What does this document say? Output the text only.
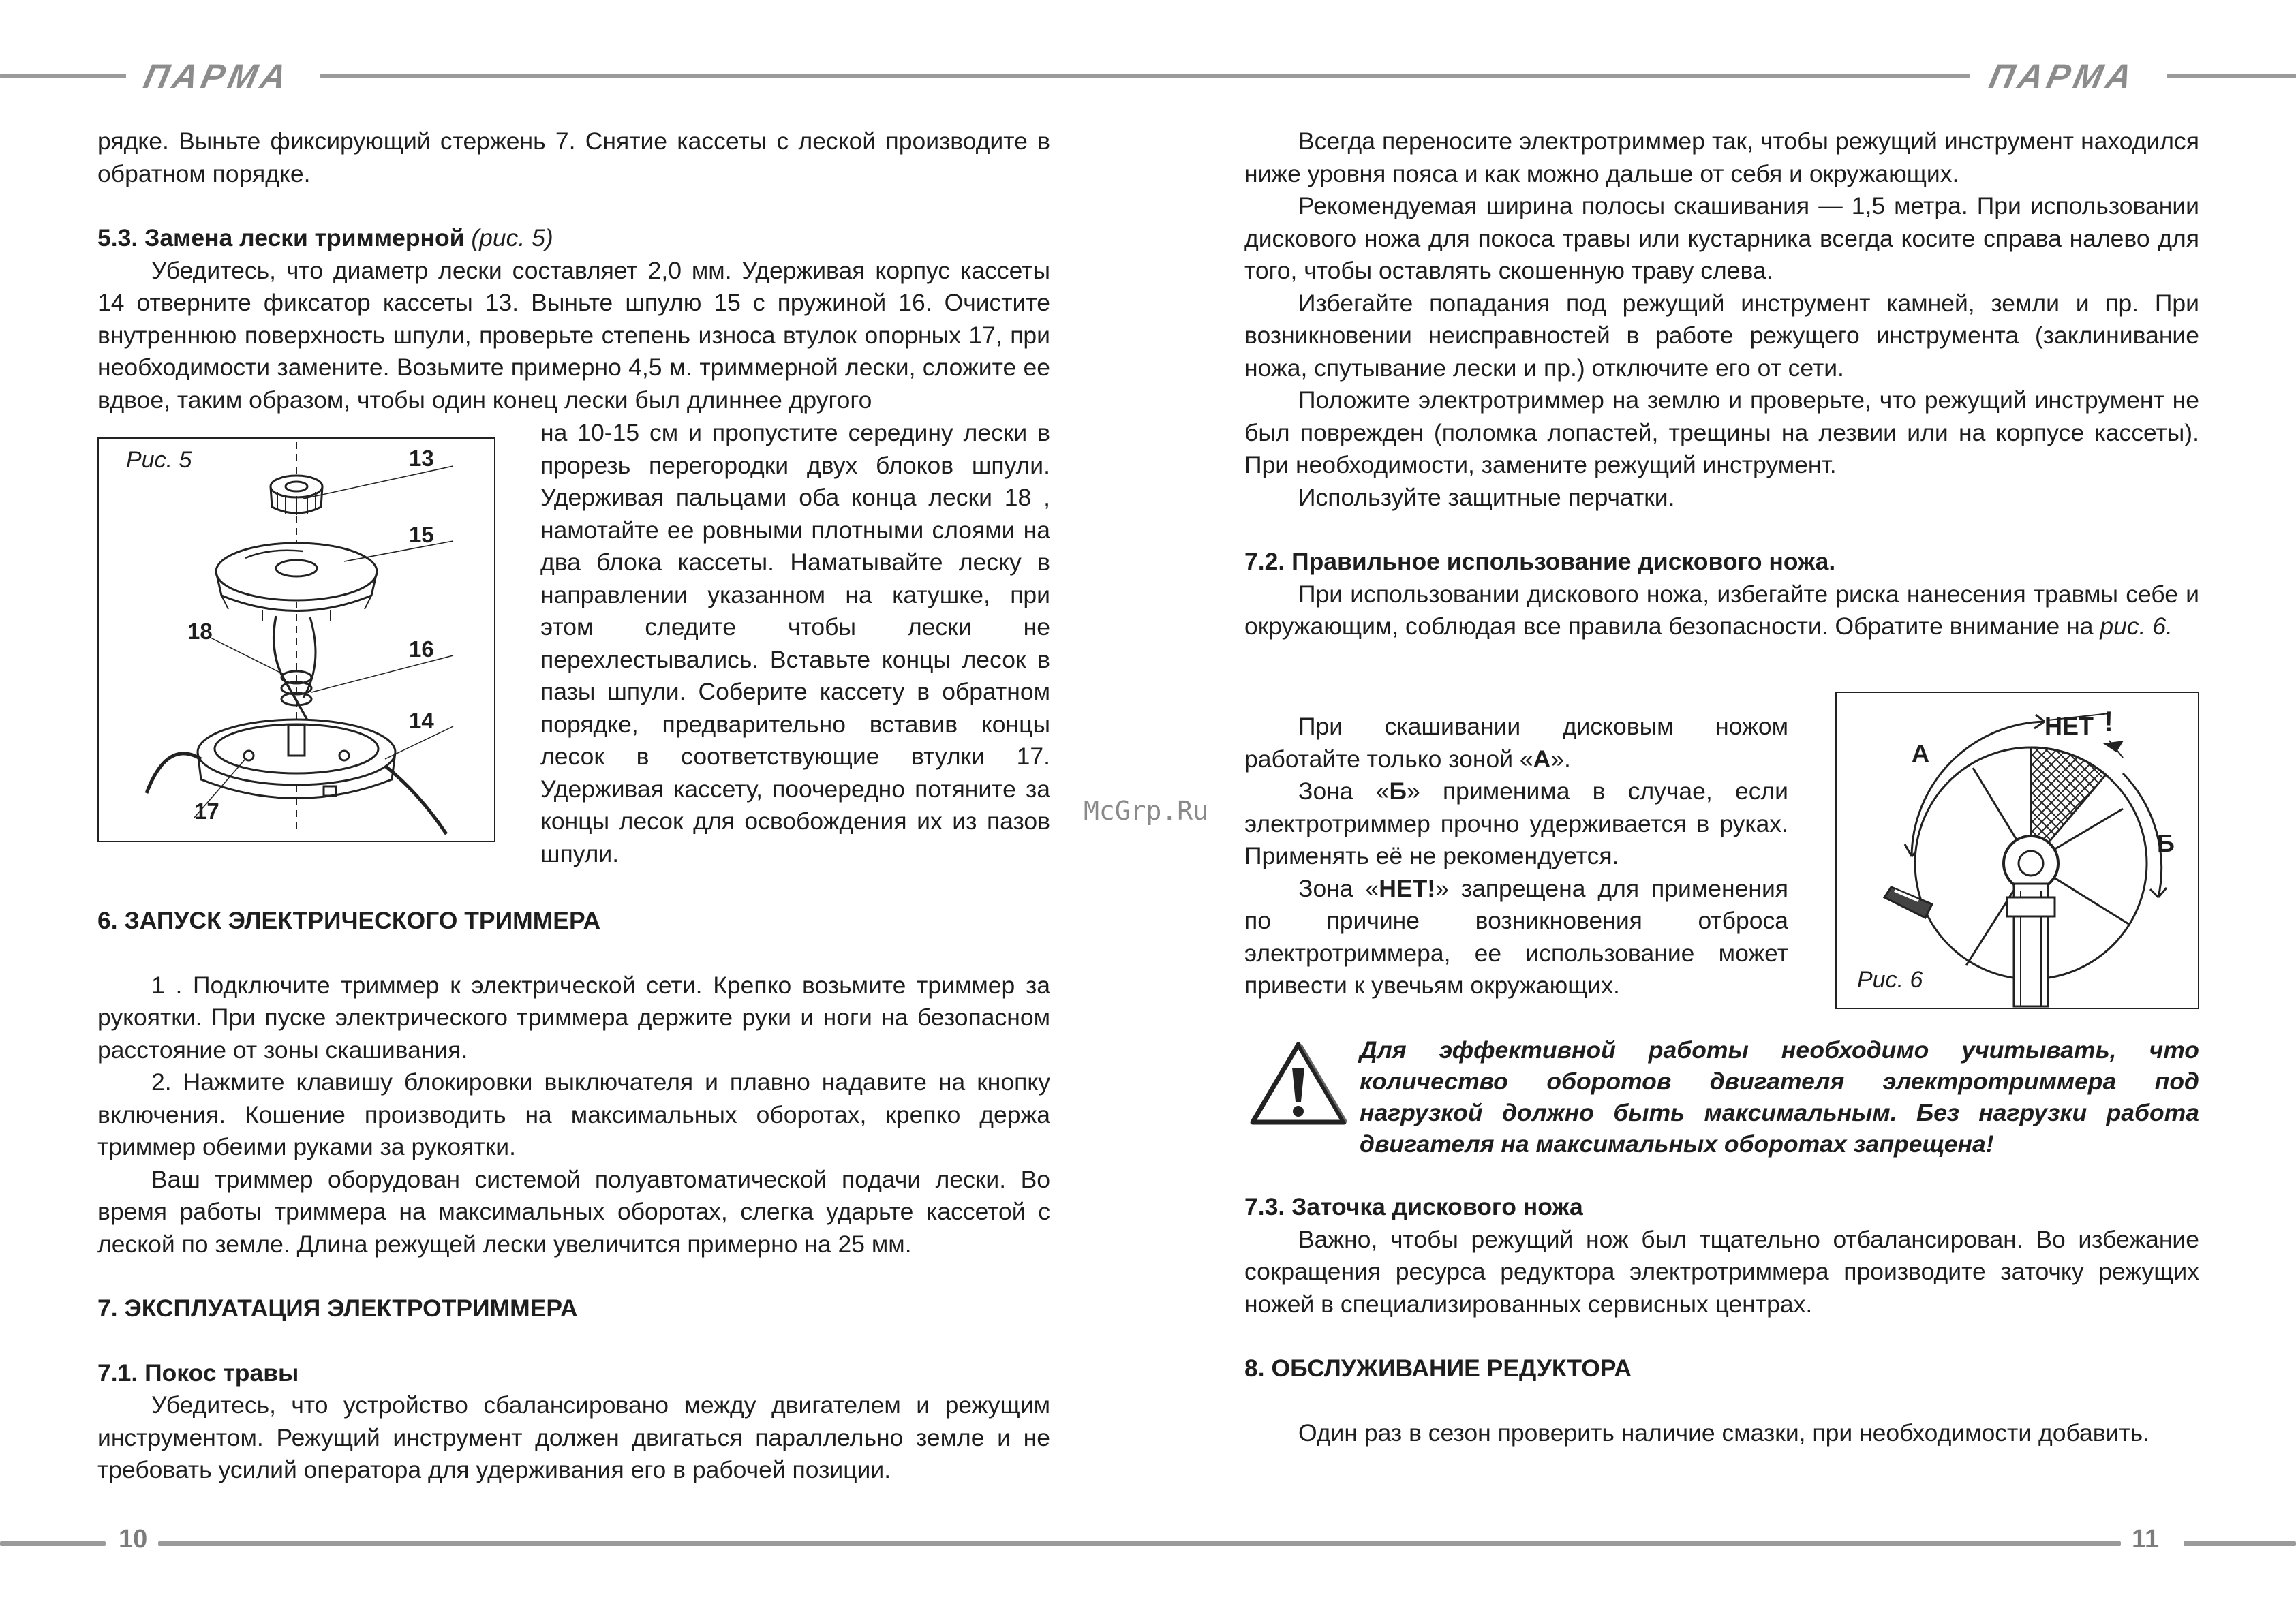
ПАРМА	ПАРМА
10	11
McGrp.Ru

рядке. Выньте фиксирующий стержень 7. Снятие кассеты с леской производите в обратном порядке.

5.3. Замена лески триммерной (рис. 5)

Убедитесь, что диаметр лески составляет 2,0 мм. Удерживая корпус кассеты 14 отверните фиксатор кассеты 13. Выньте шпулю 15 с пружиной 16. Очистите внутреннюю поверхность шпули, проверьте степень износа втулок опорных 17, при необходимости замените. Возьмите примерно 4,5 м. триммерной лески, сложите ее вдвое, таким образом, чтобы один конец лески был длиннее другого

Рис. 5	13
15
18
16
14
17

на 10-15 см и пропустите середину лески в прорезь перегородки двух блоков шпули. Удерживая пальцами оба конца лески 18 , намотайте ее ровными плотными слоями на два блока кассеты. Наматывайте леску в направлении указанном на катушке, при этом следите чтобы лески не перехлестывались. Вставьте концы лесок в пазы шпули. Соберите кассету в обратном порядке, предварительно вставив концы лесок в соответствующие втулки 17. Удерживая кассету, поочередно потяните за концы лесок для освобождения их из пазов шпули.

6. ЗАПУСК ЭЛЕКТРИЧЕСКОГО ТРИММЕРА

1 . Подключите триммер к электрической сети. Крепко возьмите триммер за рукоятки. При пуске электрического триммера держите руки и ноги на безопасном расстояние от зоны скашивания.

2. Нажмите клавишу блокировки выключателя и плавно надавите на кнопку включения. Кошение производить на максимальных оборотах, крепко держа триммер обеими руками за рукоятки.

Ваш триммер оборудован системой полуавтоматической подачи лески. Во время работы триммера на максимальных оборотах, слегка ударьте кассетой с леской по земле. Длина режущей лески увеличится примерно на 25 мм.

7. ЭКСПЛУАТАЦИЯ ЭЛЕКТРОТРИММЕРА
7.1. Покос травы

Убедитесь, что устройство сбалансировано между двигателем и режущим инструментом. Режущий инструмент должен двигаться параллельно земле и не требовать усилий оператора для удерживания его в рабочей позиции.

Всегда переносите электротриммер так, чтобы режущий инструмент находился ниже уровня пояса и как можно дальше от себя и окружающих.

Рекомендуемая ширина полосы скашивания — 1,5 метра. При использовании дискового ножа для покоса травы или кустарника всегда косите справа налево для того, чтобы оставлять скошенную траву слева.

Избегайте попадания под режущий инструмент камней, земли и пр. При возникновении неисправностей в работе режущего инструмента (заклинивание ножа, спутывание лески и пр.) отключите его от сети.

Положите электротриммер на землю и проверьте, что режущий инструмент не был поврежден (поломка лопастей, трещины на лезвии или на корпусе кассеты). При необходимости, замените режущий инструмент.

Используйте защитные перчатки.

7.2. Правильное использование дискового ножа.

При использовании дискового ножа, избегайте риска нанесения травмы себе и окружающим, соблюдая все правила безопасности. Обратите внимание на рис. 6.

При скашивании дисковым ножом работайте только зоной «А».

Зона «Б» применима в случае, если электротриммер прочно удерживается в руках. Применять её не рекомендуется.

Зона «НЕТ!» запрещена для применения по причине возникновения отброса электротриммера, ее использование может привести к увечьям окружающих.

А
Б
НЕТ !
Рис. 6
Для эффективной работы необходимо учитывать, что количество оборотов двигателя электротриммера под нагрузкой должно быть максимальным. Без нагрузки работа двигателя на максимальных оборотах запрещена!
7.3. Заточка дискового ножа

Важно, чтобы режущий нож был тщательно отбалансирован. Во избежание сокращения ресурса редуктора электротриммера производите заточку режущих ножей в специализированных сервисных центрах.

8. ОБСЛУЖИВАНИЕ РЕДУКТОРА

Один раз в сезон проверить наличие смазки, при необходимости добавить.
